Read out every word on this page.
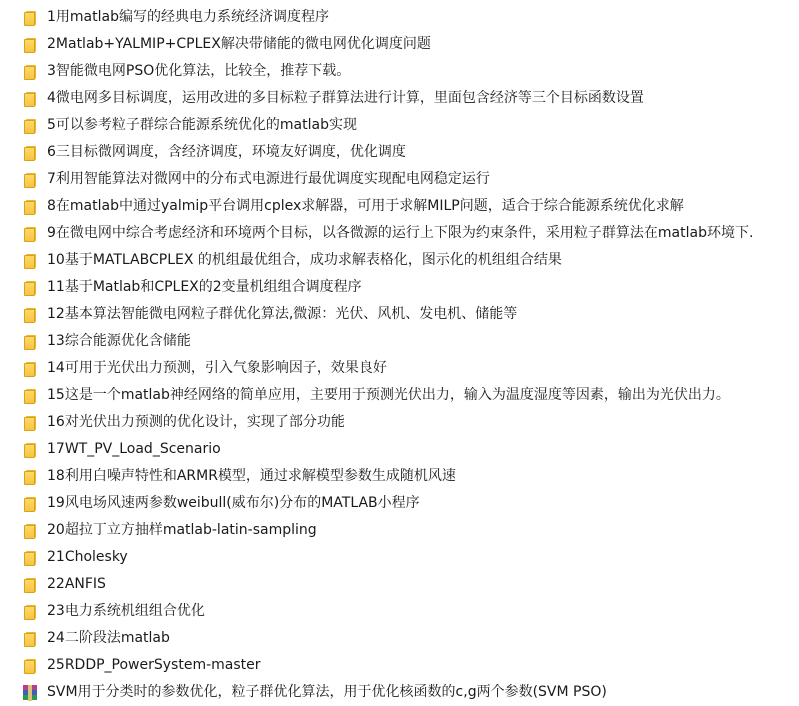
1用matlab编写的经典电力系统经济调度程序
2Matlab+YALMIP+CPLEX解决带储能的微电网优化调度问题
3智能微电网PSO优化算法，比较全，推荐下载。
4微电网多目标调度，运用改进的多目标粒子群算法进行计算，里面包含经济等三个目标函数设置
5可以参考粒子群综合能源系统优化的matlab实现
6三目标微网调度，含经济调度，环境友好调度，优化调度
7利用智能算法对微网中的分布式电源进行最优调度实现配电网稳定运行
8在matlab中通过yalmip平台调用cplex求解器，可用于求解MILP问题，适合于综合能源系统优化求解
9在微电网中综合考虑经济和环境两个目标，以各微源的运行上下限为约束条件，采用粒子群算法在matlab环境下.
10基于MATLABCPLEX 的机组最优组合，成功求解表格化，图示化的机组组合结果
11基于Matlab和CPLEX的2变量机组组合调度程序
12基本算法智能微电网粒子群优化算法,微源：光伏、风机、发电机、储能等
13综合能源优化含储能
14可用于光伏出力预测，引入气象影响因子，效果良好
15这是一个matlab神经网络的简单应用，主要用于预测光伏出力，输入为温度湿度等因素，输出为光伏出力。
16对光伏出力预测的优化设计，实现了部分功能
17WT_PV_Load_Scenario
18利用白噪声特性和ARMR模型，通过求解模型参数生成随机风速
19风电场风速两参数weibull(威布尔)分布的MATLAB小程序
20超拉丁立方抽样matlab-latin-sampling
21Cholesky
22ANFIS
23电力系统机组组合优化
24二阶段法matlab
25RDDP_PowerSystem-master
SVM用于分类时的参数优化，粒子群优化算法，用于优化核函数的c,g两个参数(SVM PSO)
